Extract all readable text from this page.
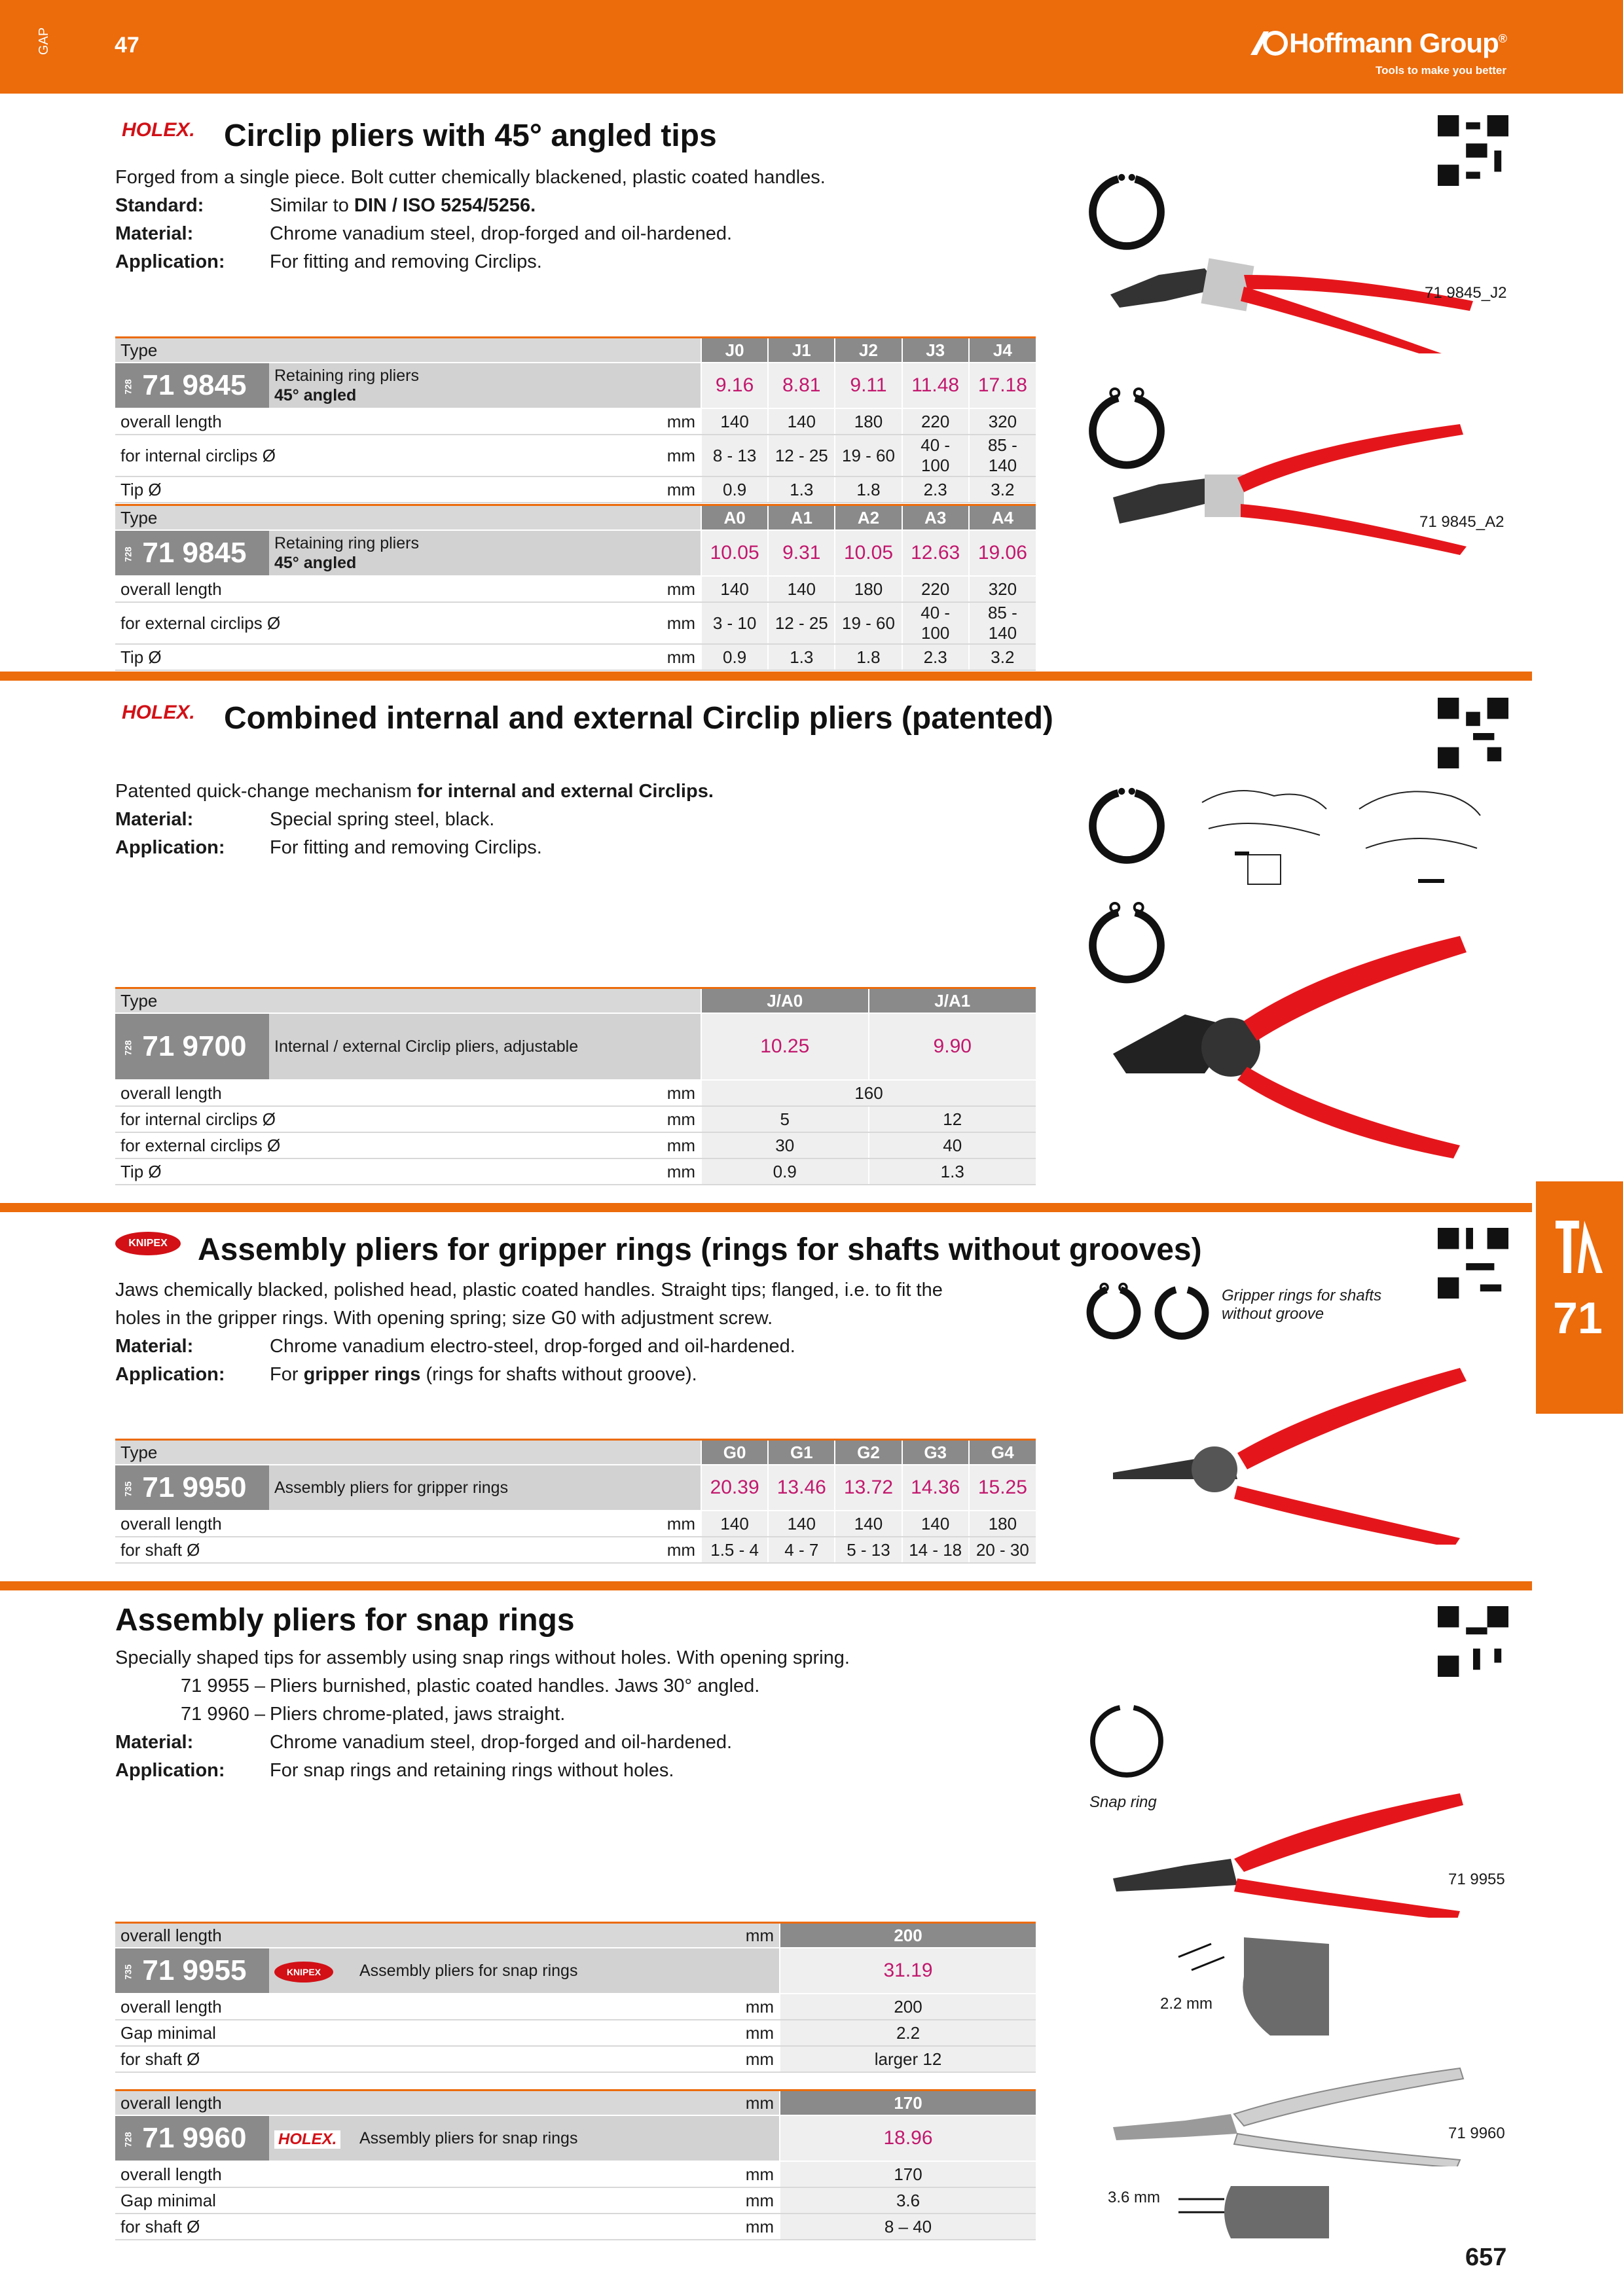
GAP	47	Hoffmann Group®
Tools to make you better
HOLEX. Circlip pliers with 45° angled tips
Forged from a single piece. Bolt cutter chemically blackened, plastic coated handles.
Standard:	Similar to DIN / ISO 5254/5256.
Material:	Chrome vanadium steel, drop-forged and oil-hardened.
Application: For fitting and removing Circlips.
71 9845_J2
71 9845_A2
Type			J0	J1	J2	J3	J4
728 71 9845	Retaining ring pliers
45° angled		9.16	8.81	9.11	11.48	17.18
overall length		mm	140	140	180	220	320
for internal circlips Ø		mm	8 - 13	12 - 25	19 - 60	40 - 100	85 - 140
Tip Ø		mm	0.9	1.3	1.8	2.3	3.2
Type			A0	A1	A2	A3	A4
728 71 9845	Retaining ring pliers
45° angled		10.05	9.31	10.05	12.63	19.06
overall length		mm	140	140	180	220	320
for external circlips Ø		mm	3 - 10	12 - 25	19 - 60	40 - 100	85 - 140
Tip Ø		mm	0.9	1.3	1.8	2.3	3.2
HOLEX. Combined internal and external Circlip pliers (patented)
Patented quick-change mechanism for internal and external Circlips.
Material:	Special spring steel, black.
Application: For fitting and removing Circlips.
Type			J/A0	J/A1
728 71 9700	Internal / external Circlip pliers, adjustable		10.25	9.90
overall length		mm	160	
for internal circlips Ø		mm	5	12
for external circlips Ø		mm	30	40
Tip Ø		mm	0.9	1.3
KNIPEX Assembly pliers for gripper rings (rings for shafts without grooves)
Jaws chemically blacked, polished head, plastic coated handles. Straight tips; flanged, i.e. to fit the
holes in the gripper rings. With opening spring; size G0 with adjustment screw.
Material:	Chrome vanadium electro-steel, drop-forged and oil-hardened.
Application: For gripper rings (rings for shafts without groove).
Gripper rings for shafts
without groove
Type			G0	G1	G2	G3	G4
735 71 9950	Assembly pliers for gripper rings		20.39	13.46	13.72	14.36	15.25
overall length		mm	140	140	140	140	180
for shaft Ø		mm	1.5 - 4	4 - 7	5 - 13	14 - 18	20 - 30
Assembly pliers for snap rings
Specially shaped tips for assembly using snap rings without holes. With opening spring.
71 9955 – Pliers burnished, plastic coated handles. Jaws 30° angled.
71 9960 – Pliers chrome-plated, jaws straight.
Material:	Chrome vanadium steel, drop-forged and oil-hardened.
Application: For snap rings and retaining rings without holes.
Snap ring
71 9955
2.2 mm
71 9960
3.6 mm
overall length			mm	200
735 71 9955	KNIPEX	Assembly pliers for snap rings		31.19
overall length			mm	200
Gap minimal			mm	2.2
for shaft Ø			mm	larger 12
overall length			mm	170
728 71 9960	HOLEX.	Assembly pliers for snap rings		18.96
overall length			mm	170
Gap minimal			mm	3.6
for shaft Ø			mm	8 – 40
71
657
